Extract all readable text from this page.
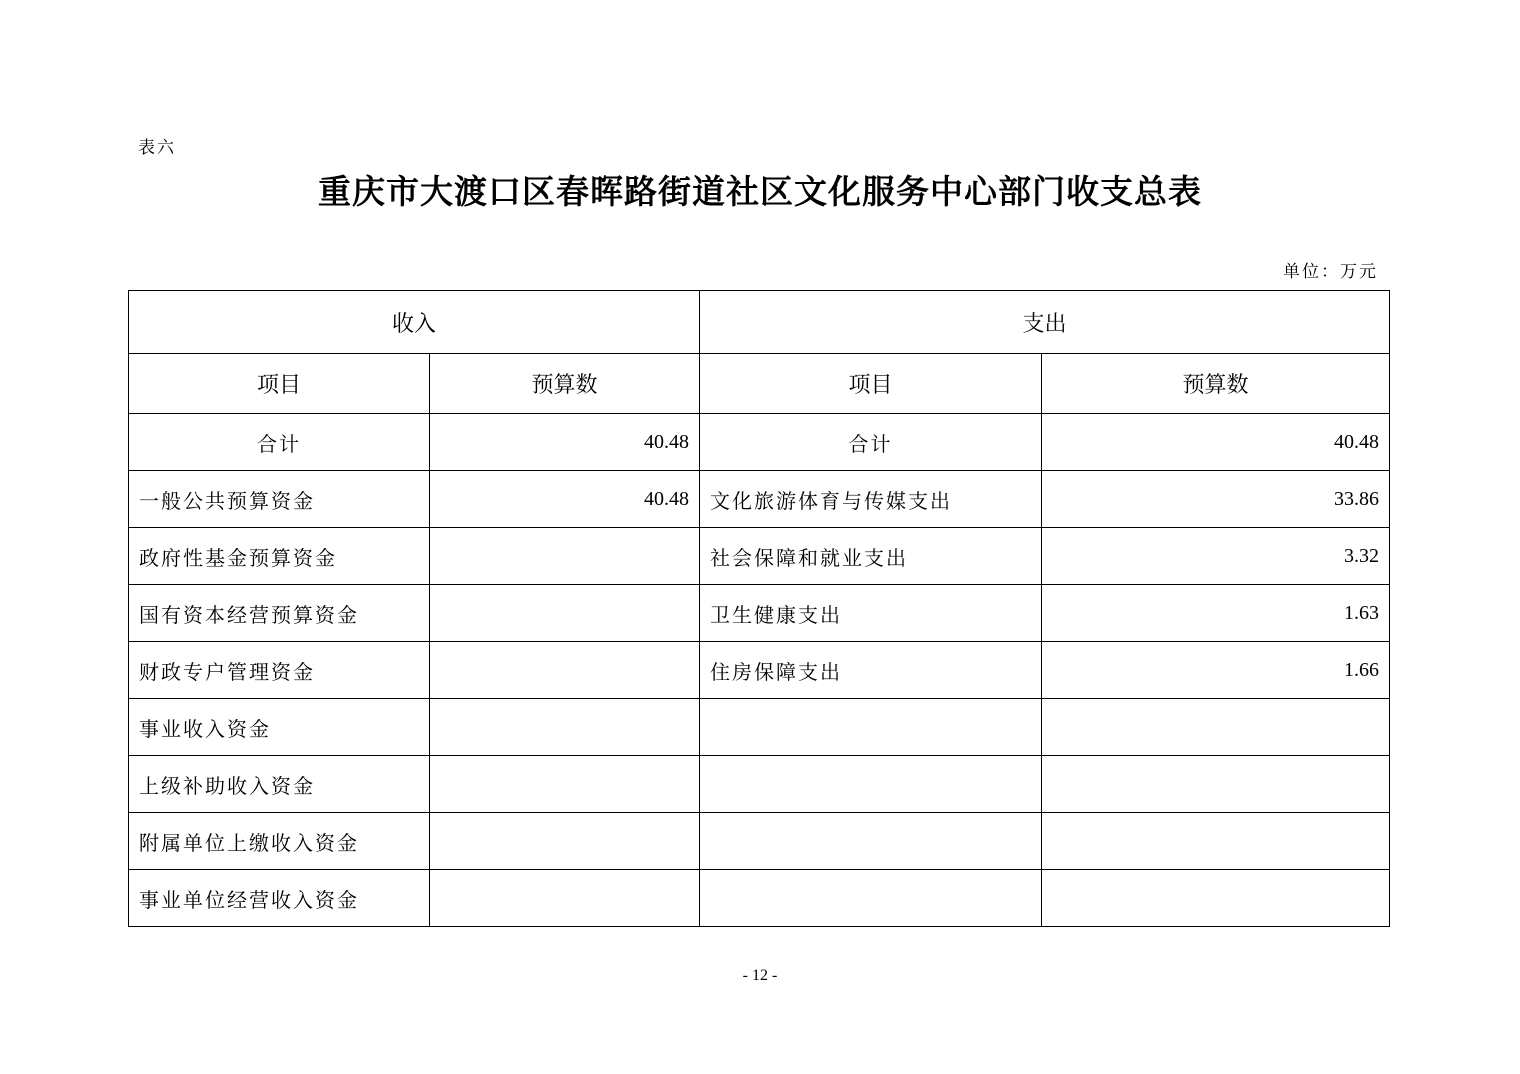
表六
重庆市大渡口区春晖路街道社区文化服务中心部门收支总表
单位：万元
收入		支出	
项目	预算数	项目	预算数
合计	40.48	合计	40.48
一般公共预算资金	40.48	文化旅游体育与传媒支出	33.86
政府性基金预算资金		社会保障和就业支出	3.32
国有资本经营预算资金		卫生健康支出	1.63
财政专户管理资金		住房保障支出	1.66
事业收入资金			
上级补助收入资金			
附属单位上缴收入资金			
事业单位经营收入资金			
- 12 -
